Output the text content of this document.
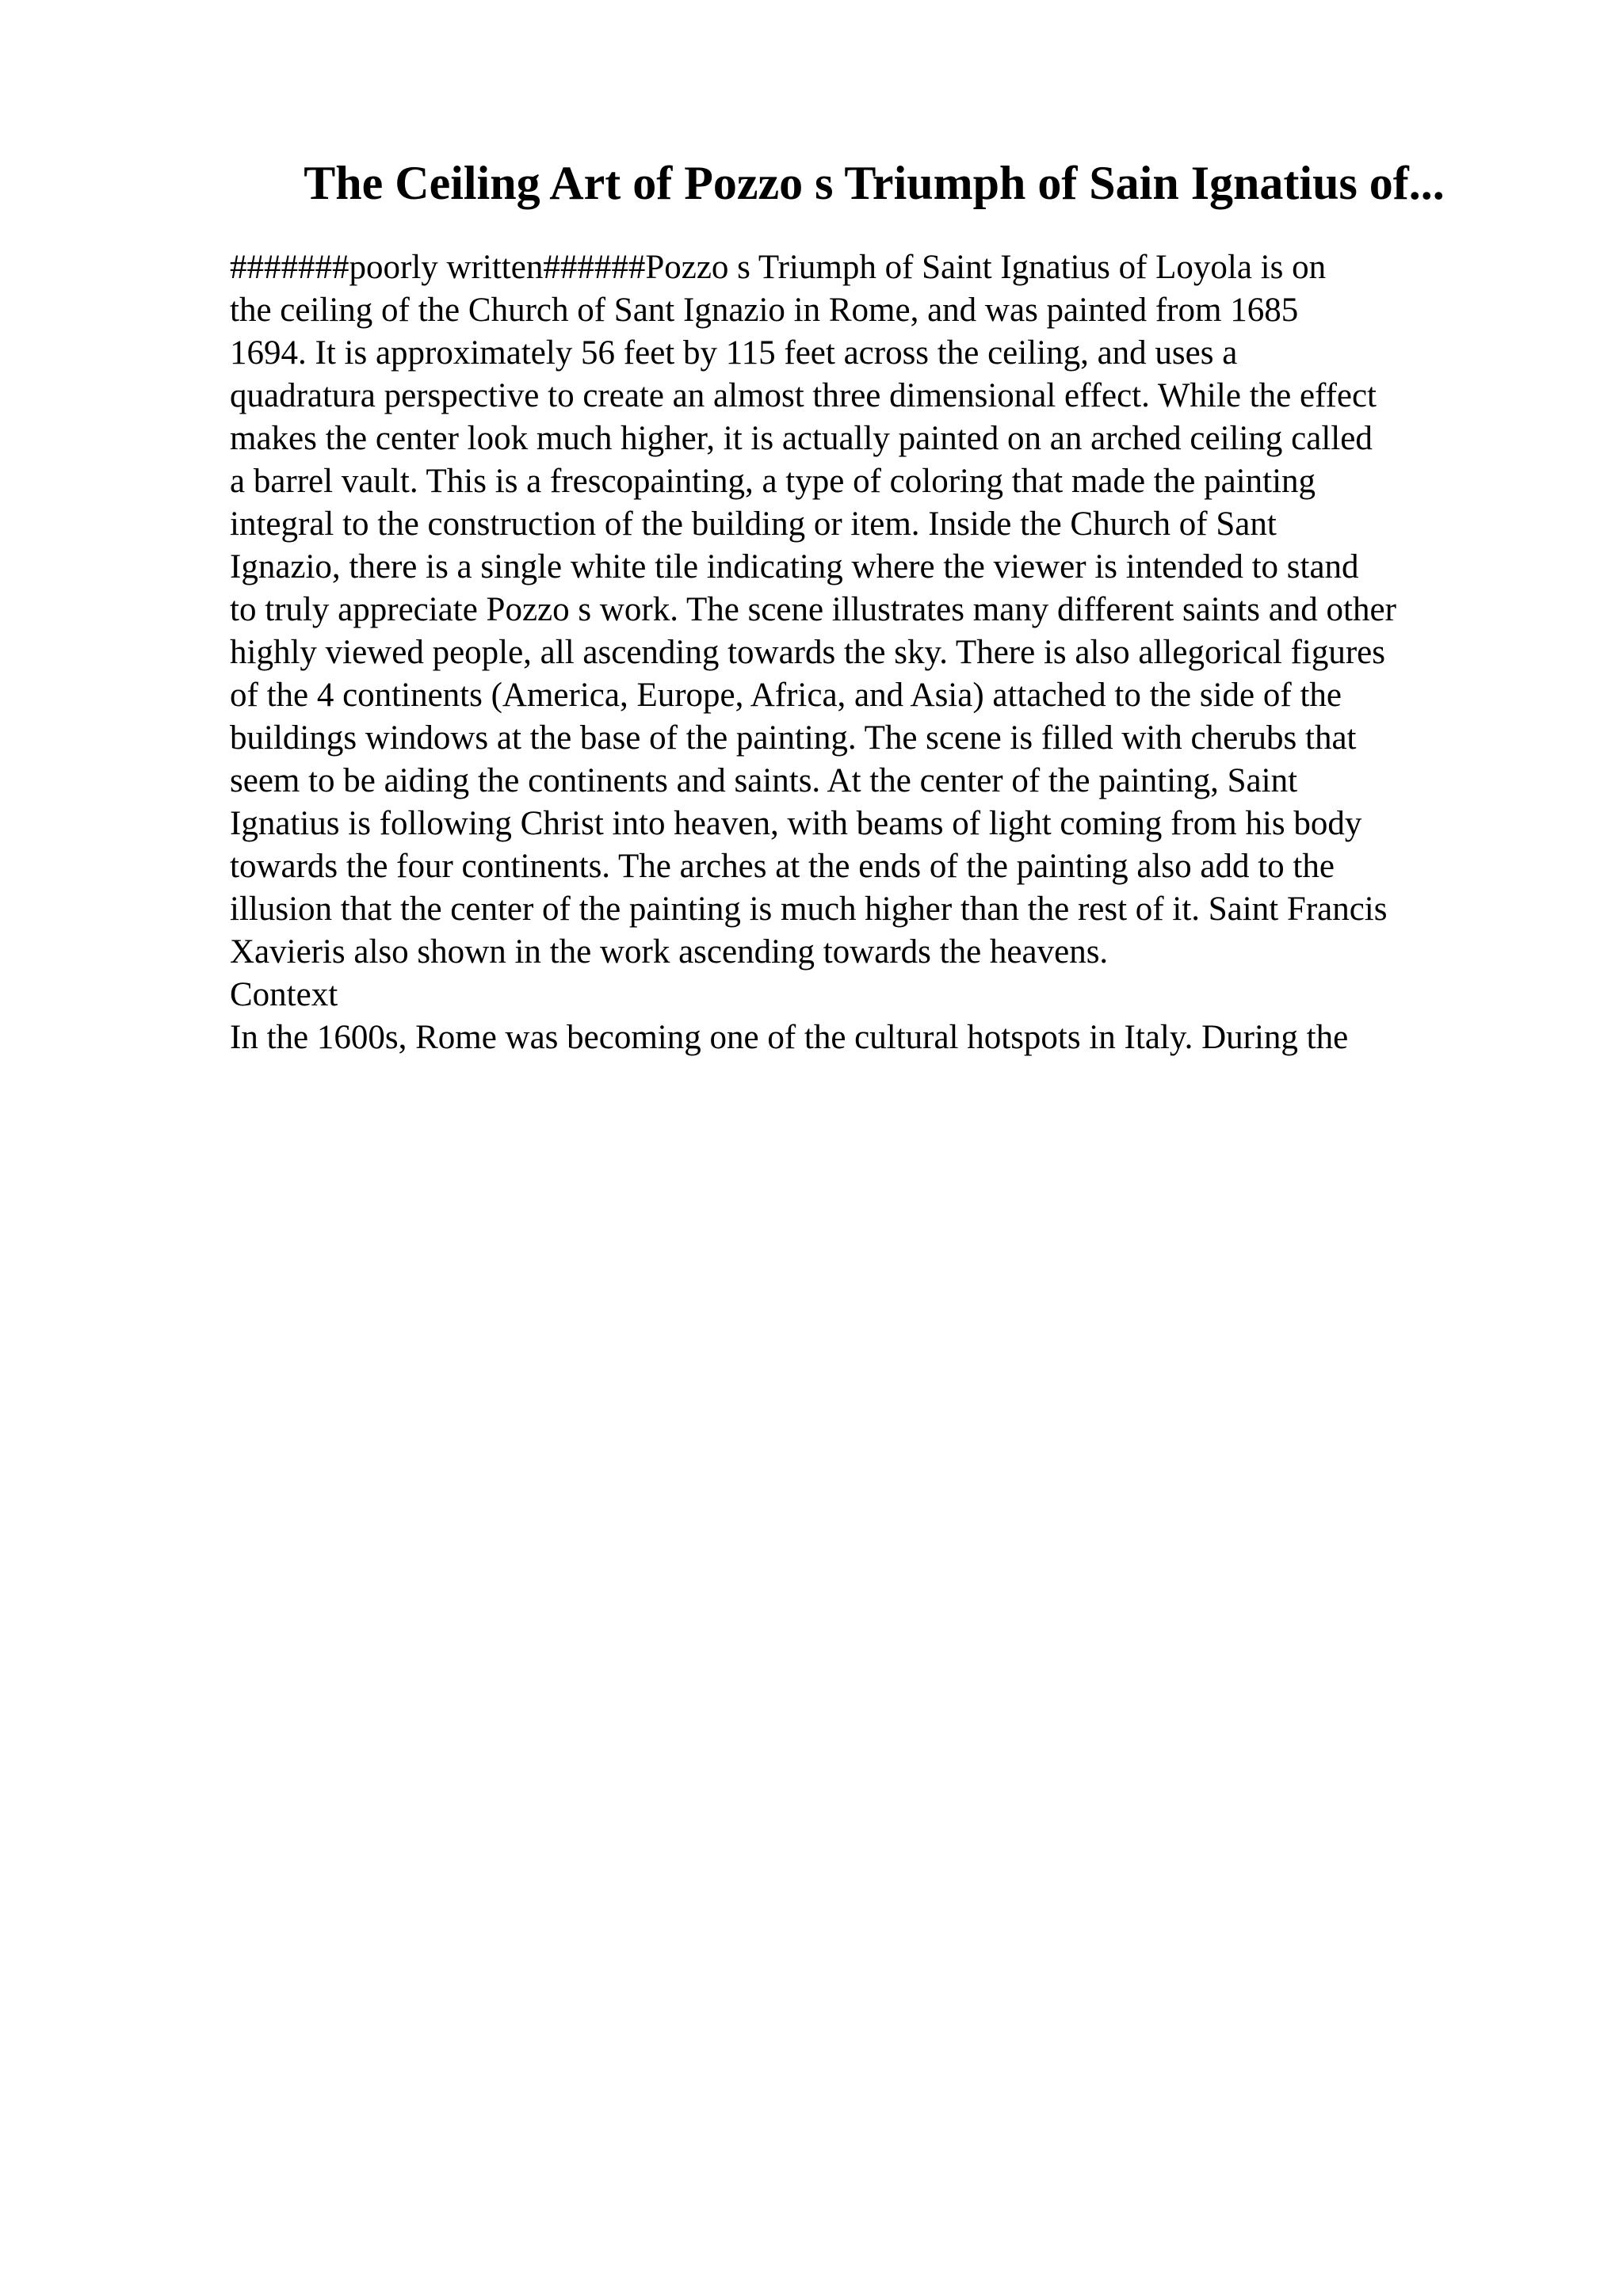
The Ceiling Art of Pozzo s Triumph of Sain Ignatius of...
#######poorly written######Pozzo s Triumph of Saint Ignatius of Loyola is on
the ceiling of the Church of Sant Ignazio in Rome, and was painted from 1685
1694. It is approximately 56 feet by 115 feet across the ceiling, and uses a
quadratura perspective to create an almost three dimensional effect. While the effect
makes the center look much higher, it is actually painted on an arched ceiling called
a barrel vault. This is a frescopainting, a type of coloring that made the painting
integral to the construction of the building or item. Inside the Church of Sant
Ignazio, there is a single white tile indicating where the viewer is intended to stand
to truly appreciate Pozzo s work. The scene illustrates many different saints and other
highly viewed people, all ascending towards the sky. There is also allegorical figures
of the 4 continents (America, Europe, Africa, and Asia) attached to the side of the
buildings windows at the base of the painting. The scene is filled with cherubs that
seem to be aiding the continents and saints. At the center of the painting, Saint
Ignatius is following Christ into heaven, with beams of light coming from his body
towards the four continents. The arches at the ends of the painting also add to the
illusion that the center of the painting is much higher than the rest of it. Saint Francis
Xavieris also shown in the work ascending towards the heavens.
Context
In the 1600s, Rome was becoming one of the cultural hotspots in Italy. During the
